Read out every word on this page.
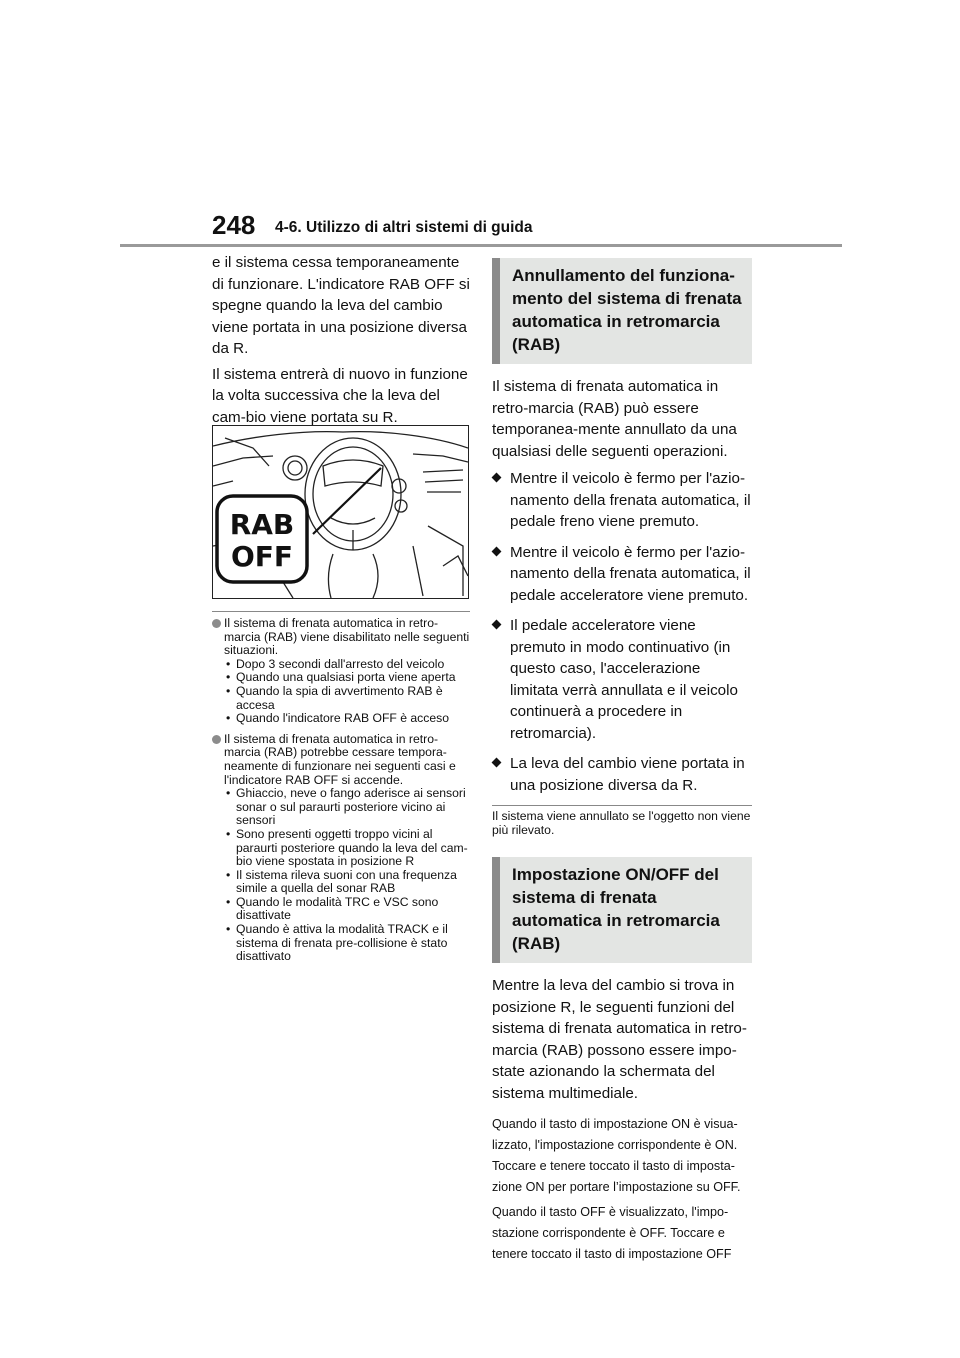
248 4-6. Utilizzo di altri sistemi di guida

e il sistema cessa temporaneamente di funzionare. L'indicatore RAB OFF si spegne quando la leva del cambio viene portata in una posizione diversa da R.

Il sistema entrerà di nuovo in funzione la volta successiva che la leva del cam-bio viene portata su R.

RAB
OFF
Il sistema di frenata automatica in retro-marcia (RAB) viene disabilitato nelle seguenti situazioni.
• Dopo 3 secondi dall'arresto del veicolo
• Quando una qualsiasi porta viene aperta
• Quando la spia di avvertimento RAB è accesa
• Quando l'indicatore RAB OFF è acceso
Il sistema di frenata automatica in retro-marcia (RAB) potrebbe cessare tempora-neamente di funzionare nei seguenti casi e l'indicatore RAB OFF si accende.
• Ghiaccio, neve o fango aderisce ai sensori sonar o sul paraurti posteriore vicino ai sensori
• Sono presenti oggetti troppo vicini al paraurti posteriore quando la leva del cam-bio viene spostata in posizione R
• Il sistema rileva suoni con una frequenza simile a quella del sonar RAB
• Quando le modalità TRC e VSC sono disattivate
• Quando è attiva la modalità TRACK e il sistema di frenata pre-collisione è stato disattivato
Annullamento del funziona-mento del sistema di frenata automatica in retromarcia (RAB)

Il sistema di frenata automatica in retro-marcia (RAB) può essere temporanea-mente annullato da una qualsiasi delle seguenti operazioni.

Mentre il veicolo è fermo per l'azio-namento della frenata automatica, il pedale freno viene premuto.
Mentre il veicolo è fermo per l'azio-namento della frenata automatica, il pedale acceleratore viene premuto.
Il pedale acceleratore viene premuto in modo continuativo (in questo caso, l'accelerazione limitata verrà annullata e il veicolo continuerà a procedere in retromarcia).
La leva del cambio viene portata in una posizione diversa da R.
Il sistema viene annullato se l'oggetto non viene più rilevato.
Impostazione ON/OFF del sistema di frenata automatica in retromarcia (RAB)

Mentre la leva del cambio si trova in posizione R, le seguenti funzioni del sistema di frenata automatica in retro-marcia (RAB) possono essere impo-state azionando la schermata del sistema multimediale.

Quando il tasto di impostazione ON è visua-lizzato, l'impostazione corrispondente è ON. Toccare e tenere toccato il tasto di imposta-zione ON per portare l’impostazione su OFF.

Quando il tasto OFF è visualizzato, l'impo-stazione corrispondente è OFF. Toccare e tenere toccato il tasto di impostazione OFF
